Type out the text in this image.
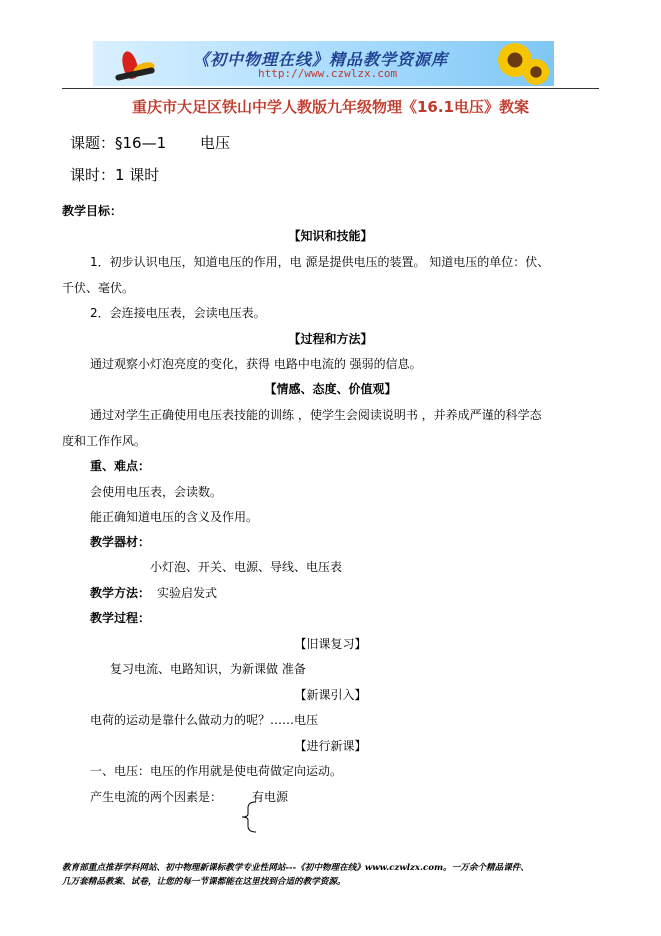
《初中物理在线》精品教学资源库
http://www.czwlzx.com
重庆市大足区铁山中学人教版九年级物理《16.1电压》教案
课题：§16—1 电压
课时：1 课时
教学目标：
【知识和技能】
1．初步认识电压，知道电压的作用，电 源是提供电压的装置。 知道电压的单位：伏、
千伏、毫伏。
2．会连接电压表，会读电压表。
【过程和方法】
通过观察小灯泡亮度的变化，获得 电路中电流的 强弱的信息。
【情感、态度、价值观】
通过对学生正确使用电压表技能的训练 ，使学生会阅读说明书 ，并养成严谨的科学态
度和工作作风。
重、难点：
会使用电压表，会读数。
能正确知道电压的含义及作用。
教学器材：
小灯泡、开关、电源、导线、电压表
教学方法： 实验启发式
教学过程：
【旧课复习】
复习电流、电路知识，为新课做 准备
【新课引入】
电荷的运动是靠什么做动力的呢？……电压
【进行新课】
一、电压：电压的作用就是使电荷做定向运动。
产生电流的两个因素是： 有电源
教育部重点推荐学科网站、初中物理新课标教学专业性网站---《初中物理在线》www.czwlzx.com。一万余个精品课件、
几万套精品教案、试卷，让您的每一节课都能在这里找到合适的教学资源。
